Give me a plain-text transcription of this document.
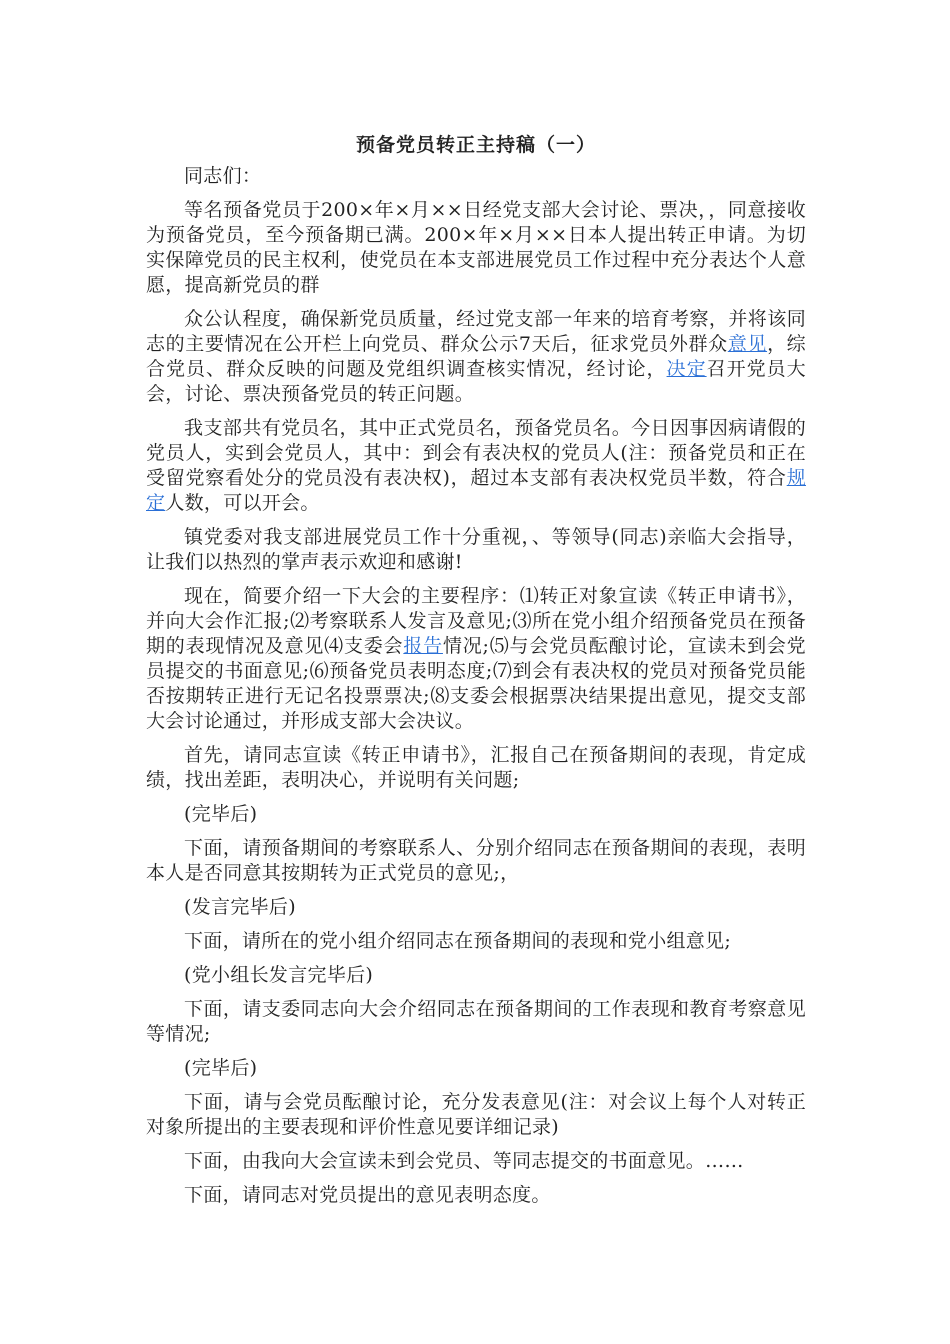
预备党员转正主持稿（一）

同志们：

等名预备党员于200×年×月××日经党支部大会讨论、票决，，同意接收为预备党员，至今预备期已满。200×年×月××日本人提出转正申请。为切实保障党员的民主权利，使党员在本支部进展党员工作过程中充分表达个人意愿，提高新党员的群

众公认程度，确保新党员质量，经过党支部一年来的培育考察，并将该同志的主要情况在公开栏上向党员、群众公示7天后，征求党员外群众意见，综合党员、群众反映的问题及党组织调查核实情况，经讨论，决定召开党员大会，讨论、票决预备党员的转正问题。

我支部共有党员名，其中正式党员名，预备党员名。今日因事因病请假的党员人，实到会党员人，其中：到会有表决权的党员人(注：预备党员和正在受留党察看处分的党员没有表决权)，超过本支部有表决权党员半数，符合规定人数，可以开会。

镇党委对我支部进展党员工作十分重视，、等领导(同志)亲临大会指导，让我们以热烈的掌声表示欢迎和感谢!

现在，简要介绍一下大会的主要程序：⑴转正对象宣读《转正申请书》，并向大会作汇报;⑵考察联系人发言及意见;⑶所在党小组介绍预备党员在预备期的表现情况及意见⑷支委会报告情况;⑸与会党员酝酿讨论，宣读未到会党员提交的书面意见;⑹预备党员表明态度;⑺到会有表决权的党员对预备党员能否按期转正进行无记名投票票决;⑻支委会根据票决结果提出意见，提交支部大会讨论通过，并形成支部大会决议。

首先，请同志宣读《转正申请书》，汇报自己在预备期间的表现，肯定成绩，找出差距，表明决心，并说明有关问题;

(完毕后)

下面，请预备期间的考察联系人、分别介绍同志在预备期间的表现，表明本人是否同意其按期转为正式党员的意见;，

(发言完毕后)

下面，请所在的党小组介绍同志在预备期间的表现和党小组意见;

(党小组长发言完毕后)

下面，请支委同志向大会介绍同志在预备期间的工作表现和教育考察意见等情况;

(完毕后)

下面，请与会党员酝酿讨论，充分发表意见(注：对会议上每个人对转正对象所提出的主要表现和评价性意见要详细记录)

下面，由我向大会宣读未到会党员、等同志提交的书面意见。……

下面，请同志对党员提出的意见表明态度。
